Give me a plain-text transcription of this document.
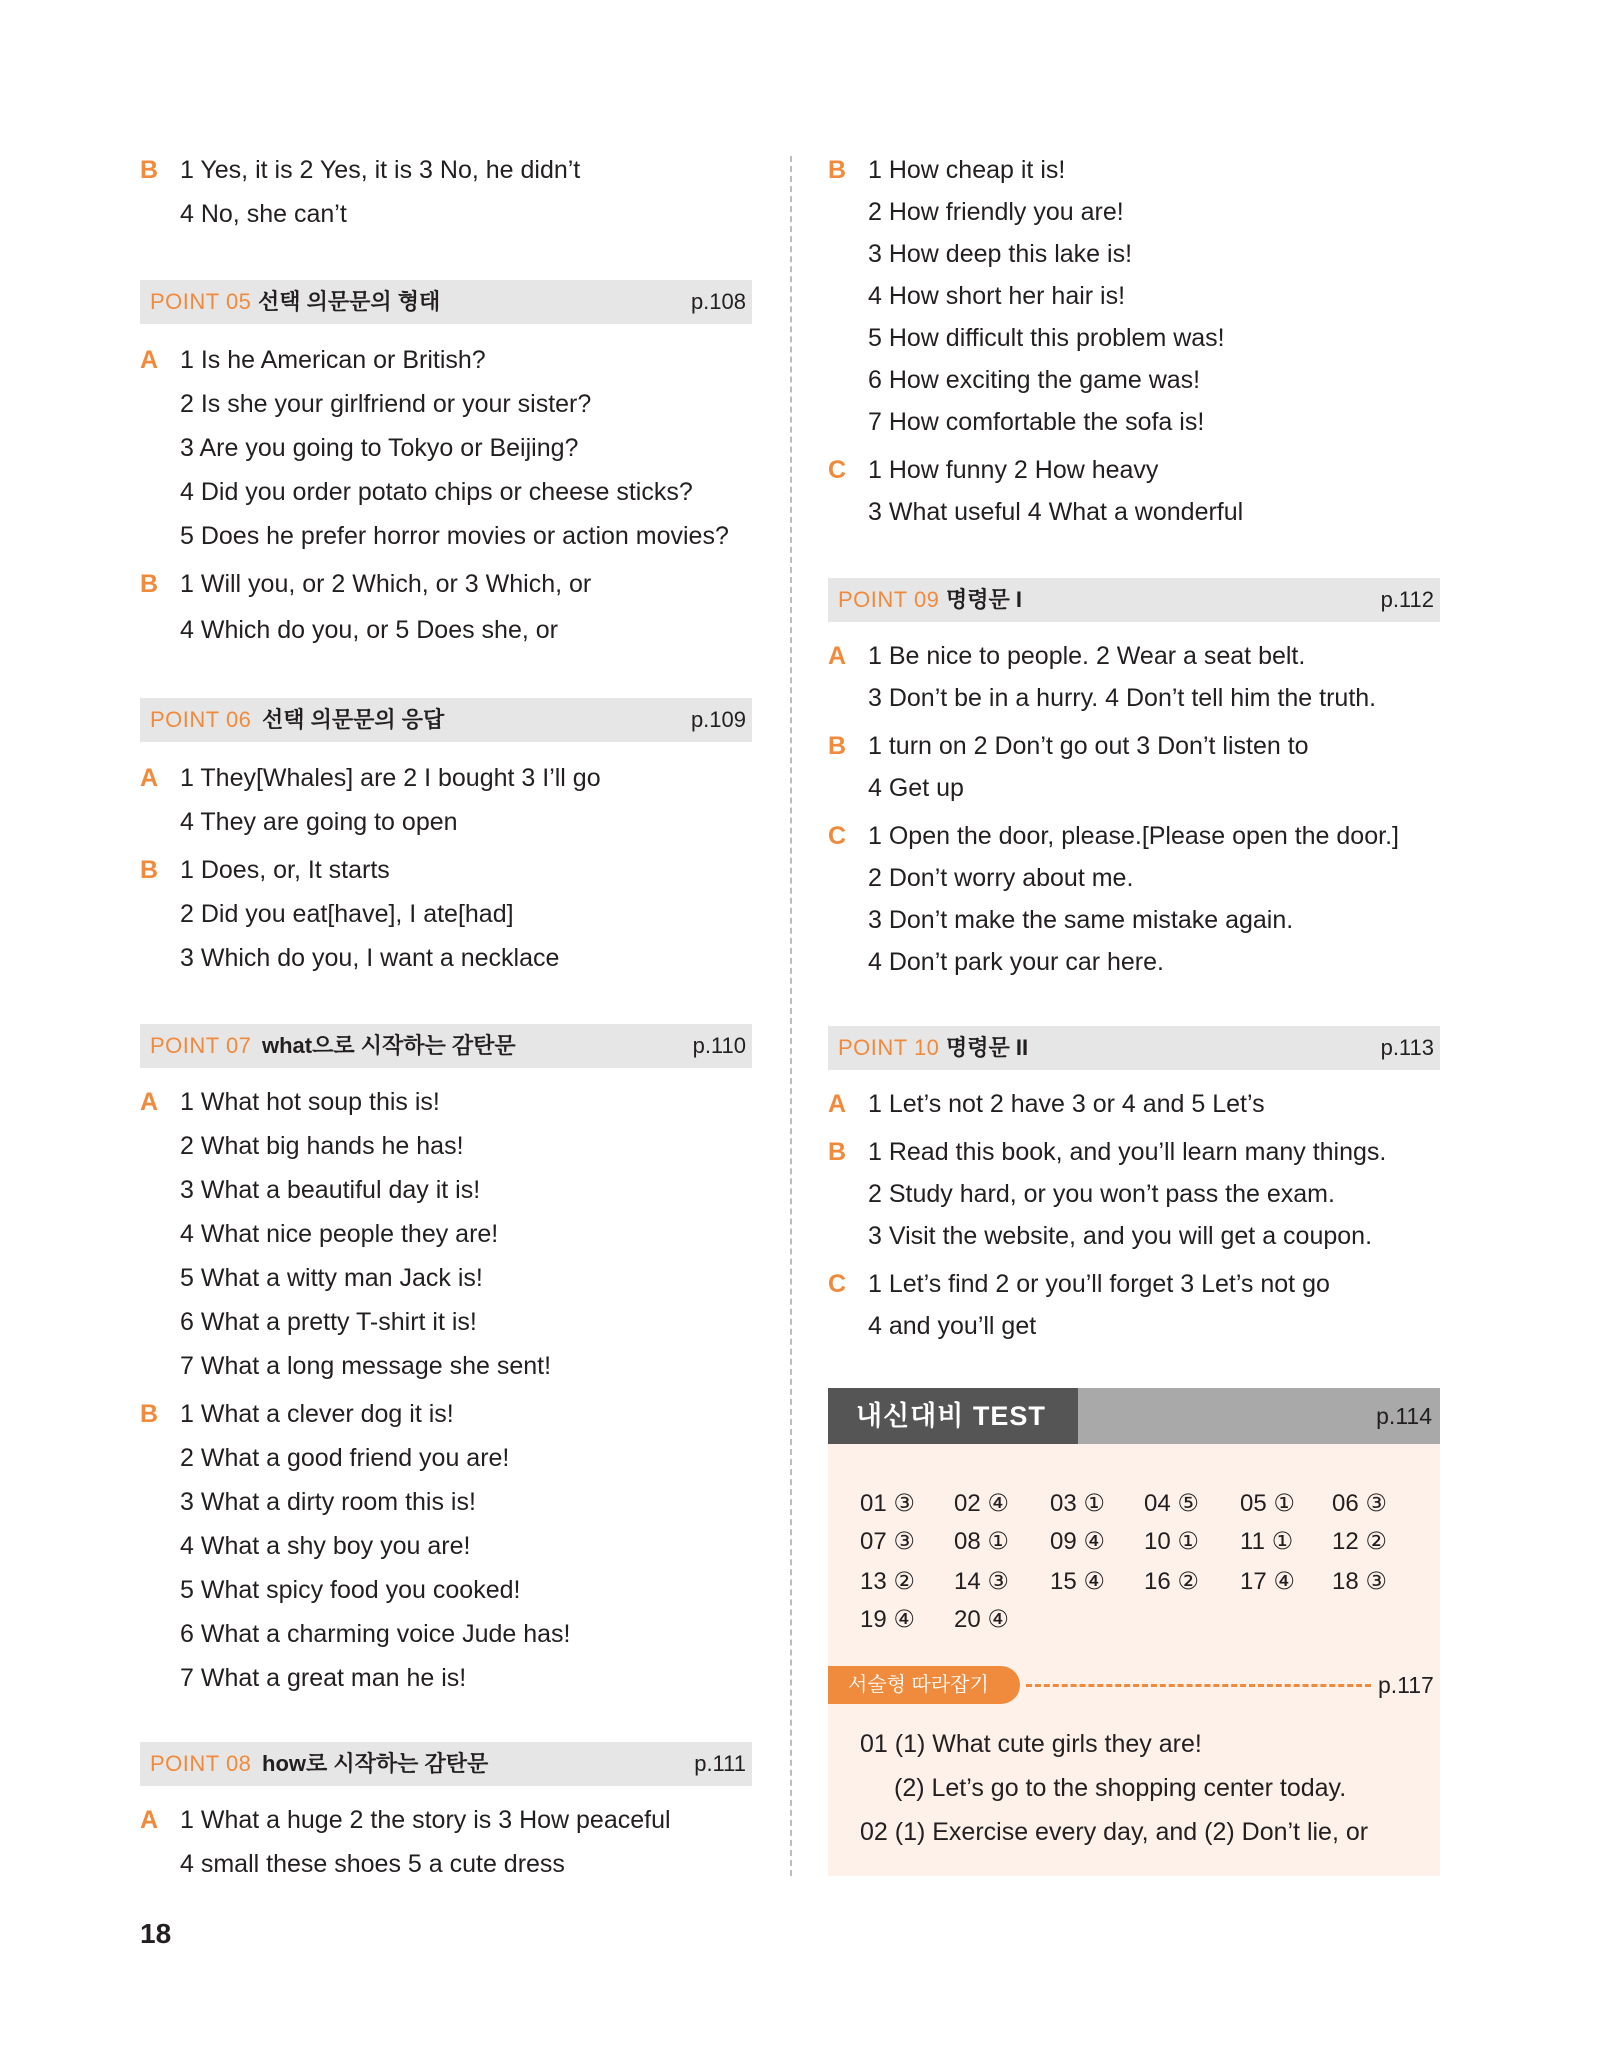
B 1 Yes, it is 2 Yes, it is 3 No, he didn’t
4 No, she can’t
POINT 05 선택 의문문의 형태	p.108
A 1 Is he American or British?
2 Is she your girlfriend or your sister?
3 Are you going to Tokyo or Beijing?
4 Did you order potato chips or cheese sticks?
5 Does he prefer horror movies or action movies?
B 1 Will you, or 2 Which, or 3 Which, or
4 Which do you, or 5 Does she, or
POINT 06 선택 의문문의 응답	p.109
A 1 They[Whales] are 2 I bought 3 I’ll go
4 They are going to open
B 1 Does, or, It starts
2 Did you eat[have], I ate[had]
3 Which do you, I want a necklace
POINT 07 what으로 시작하는 감탄문	p.110
A 1 What hot soup this is!
2 What big hands he has!
3 What a beautiful day it is!
4 What nice people they are!
5 What a witty man Jack is!
6 What a pretty T-shirt it is!
7 What a long message she sent!
B 1 What a clever dog it is!
2 What a good friend you are!
3 What a dirty room this is!
4 What a shy boy you are!
5 What spicy food you cooked!
6 What a charming voice Jude has!
7 What a great man he is!
POINT 08 how로 시작하는 감탄문	p.111
A 1 What a huge 2 the story is 3 How peaceful
4 small these shoes 5 a cute dress
B 1 How cheap it is!
2 How friendly you are!
3 How deep this lake is!
4 How short her hair is!
5 How difficult this problem was!
6 How exciting the game was!
7 How comfortable the sofa is!
C 1 How funny 2 How heavy
3 What useful 4 What a wonderful
POINT 09 명령문 I	p.112
A 1 Be nice to people. 2 Wear a seat belt.
3 Don’t be in a hurry. 4 Don’t tell him the truth.
B 1 turn on 2 Don’t go out 3 Don’t listen to
4 Get up
C 1 Open the door, please.[Please open the door.]
2 Don’t worry about me.
3 Don’t make the same mistake again.
4 Don’t park your car here.
POINT 10 명령문 II	p.113
A 1 Let’s not 2 have 3 or 4 and 5 Let’s
B 1 Read this book, and you’ll learn many things.
2 Study hard, or you won’t pass the exam.
3 Visit the website, and you will get a coupon.
C 1 Let’s find 2 or you’ll forget 3 Let’s not go
4 and you’ll get
내신대비 TEST	p.114
01 ③ 02 ④ 03 ① 04 ⑤ 05 ① 06 ③
07 ③ 08 ① 09 ④ 10 ① 11 ① 12 ②
13 ② 14 ③ 15 ④ 16 ② 17 ④ 18 ③
19 ④ 20 ④
서술형 따라잡기	p.117
01 (1) What cute girls they are!
(2) Let’s go to the shopping center today.
02 (1) Exercise every day, and (2) Don’t lie, or
18
